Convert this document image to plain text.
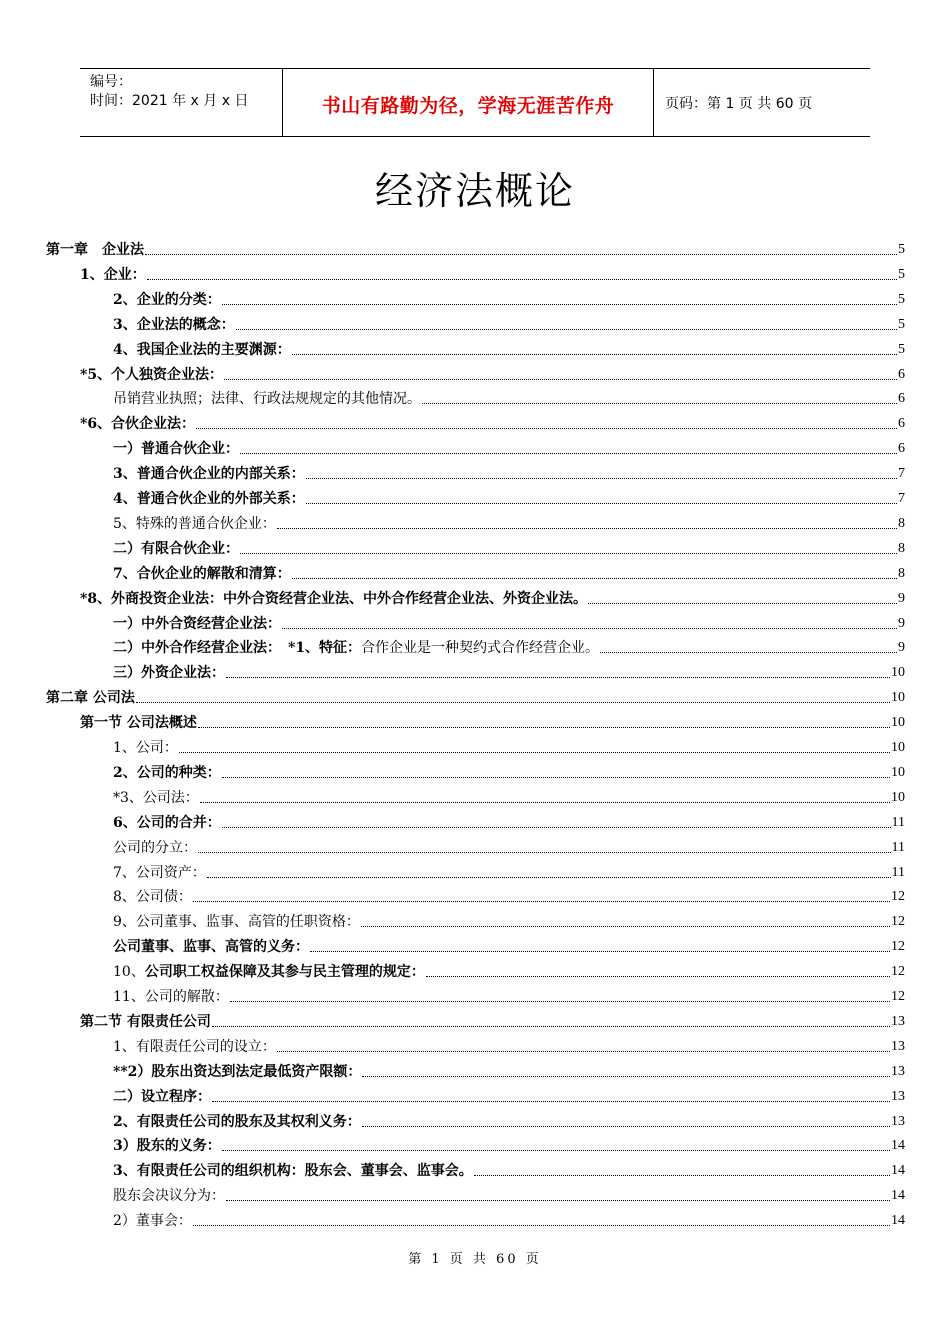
编号：
时间：2021 年 x 月 x 日	书山有路勤为径，学海无涯苦作舟	页码：第 1 页 共 60 页
经济法概论
第一章　企业法	5
1、企业：	5
2、企业的分类：	5
3、企业法的概念：	5
4、我国企业法的主要渊源：	5
*5、个人独资企业法：	6
吊销营业执照；法律、行政法规规定的其他情况。	6
*6、合伙企业法：	6
一）普通合伙企业：	6
3、普通合伙企业的内部关系：	7
4、普通合伙企业的外部关系：	7
5、特殊的普通合伙企业：	8
二）有限合伙企业：	8
7、合伙企业的解散和清算：	8
*8、外商投资企业法：中外合资经营企业法、中外合作经营企业法、外资企业法。	9
一）中外合资经营企业法：	9
二）中外合作经营企业法：　*1、特征：合作企业是一种契约式合作经营企业。	9
三）外资企业法：	10
第二章 公司法	10
第一节 公司法概述	10
1、公司：	10
2、公司的种类：	10
*3、公司法：	10
6、公司的合并：	11
公司的分立：	11
7、公司资产：	11
8、公司债：	12
9、公司董事、监事、高管的任职资格：	12
公司董事、监事、高管的义务：	12
10、公司职工权益保障及其参与民主管理的规定：	12
11、公司的解散：	12
第二节 有限责任公司	13
1、有限责任公司的设立：	13
**2）股东出资达到法定最低资产限额：	13
二）设立程序：	13
2、有限责任公司的股东及其权利义务：	13
3）股东的义务：	14
3、有限责任公司的组织机构：股东会、董事会、监事会。	14
股东会决议分为：	14
2）董事会：	14
第 1 页 共 60 页
